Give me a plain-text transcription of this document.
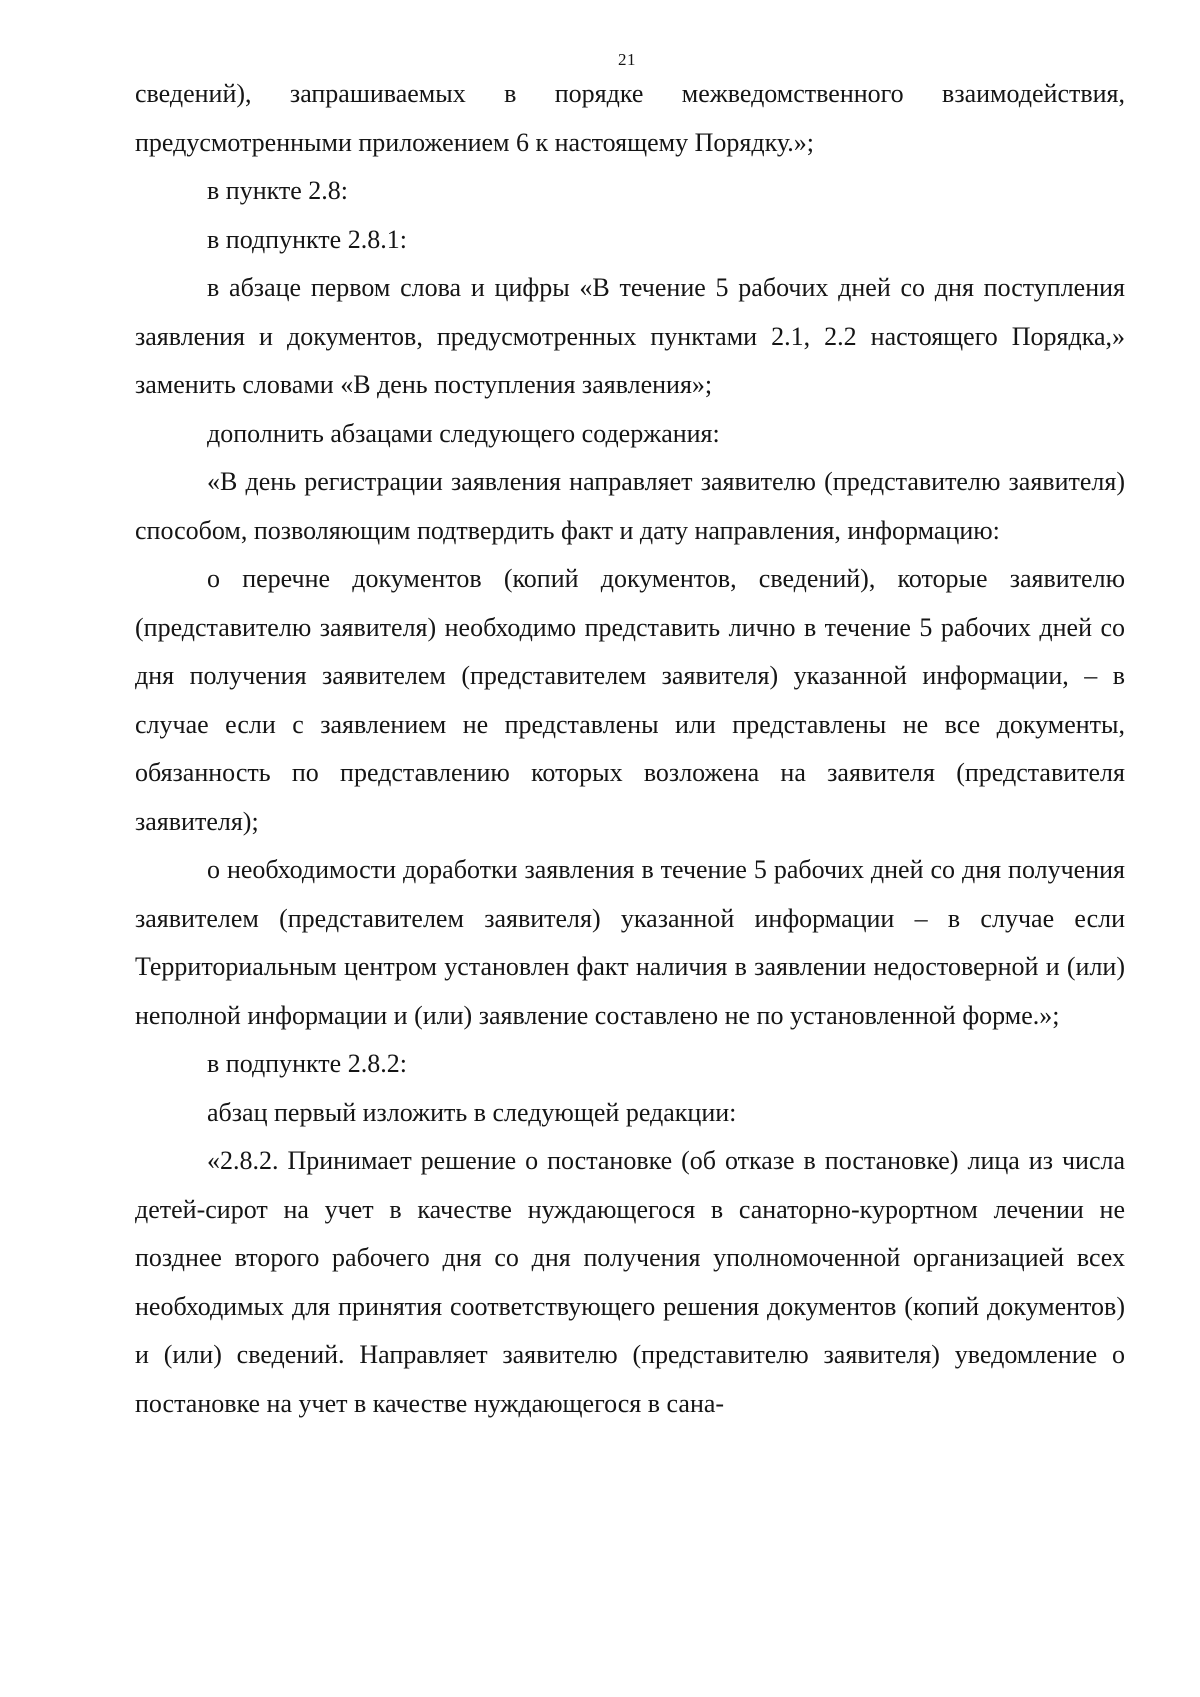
21

сведений), запрашиваемых в порядке межведомственного взаимодействия, предусмотренными приложением 6 к настоящему Порядку.»;

в пункте 2.8:

в подпункте 2.8.1:

в абзаце первом слова и цифры «В течение 5 рабочих дней со дня поступления заявления и документов, предусмотренных пунктами 2.1, 2.2 настоящего Порядка,» заменить словами «В день поступления заявления»;

дополнить абзацами следующего содержания:

«В день регистрации заявления направляет заявителю (представителю заявителя) способом, позволяющим подтвердить факт и дату направления, информацию:

о перечне документов (копий документов, сведений), которые заявителю (представителю заявителя) необходимо представить лично в течение 5 рабочих дней со дня получения заявителем (представителем заявителя) указанной информации, – в случае если с заявлением не представлены или представлены не все документы, обязанность по представлению которых возложена на заявителя (представителя заявителя);

о необходимости доработки заявления в течение 5 рабочих дней со дня получения заявителем (представителем заявителя) указанной информации – в случае если Территориальным центром установлен факт наличия в заявлении недостоверной и (или) неполной информации и (или) заявление составлено не по установленной форме.»;

в подпункте 2.8.2:

абзац первый изложить в следующей редакции:

«2.8.2. Принимает решение о постановке (об отказе в постановке) лица из числа детей-сирот на учет в качестве нуждающегося в санаторно-курортном лечении не позднее второго рабочего дня со дня получения уполномоченной организацией всех необходимых для принятия соответствующего решения документов (копий документов) и (или) сведений. Направляет заявителю (представителю заявителя) уведомление о постановке на учет в качестве нуждающегося в сана-
